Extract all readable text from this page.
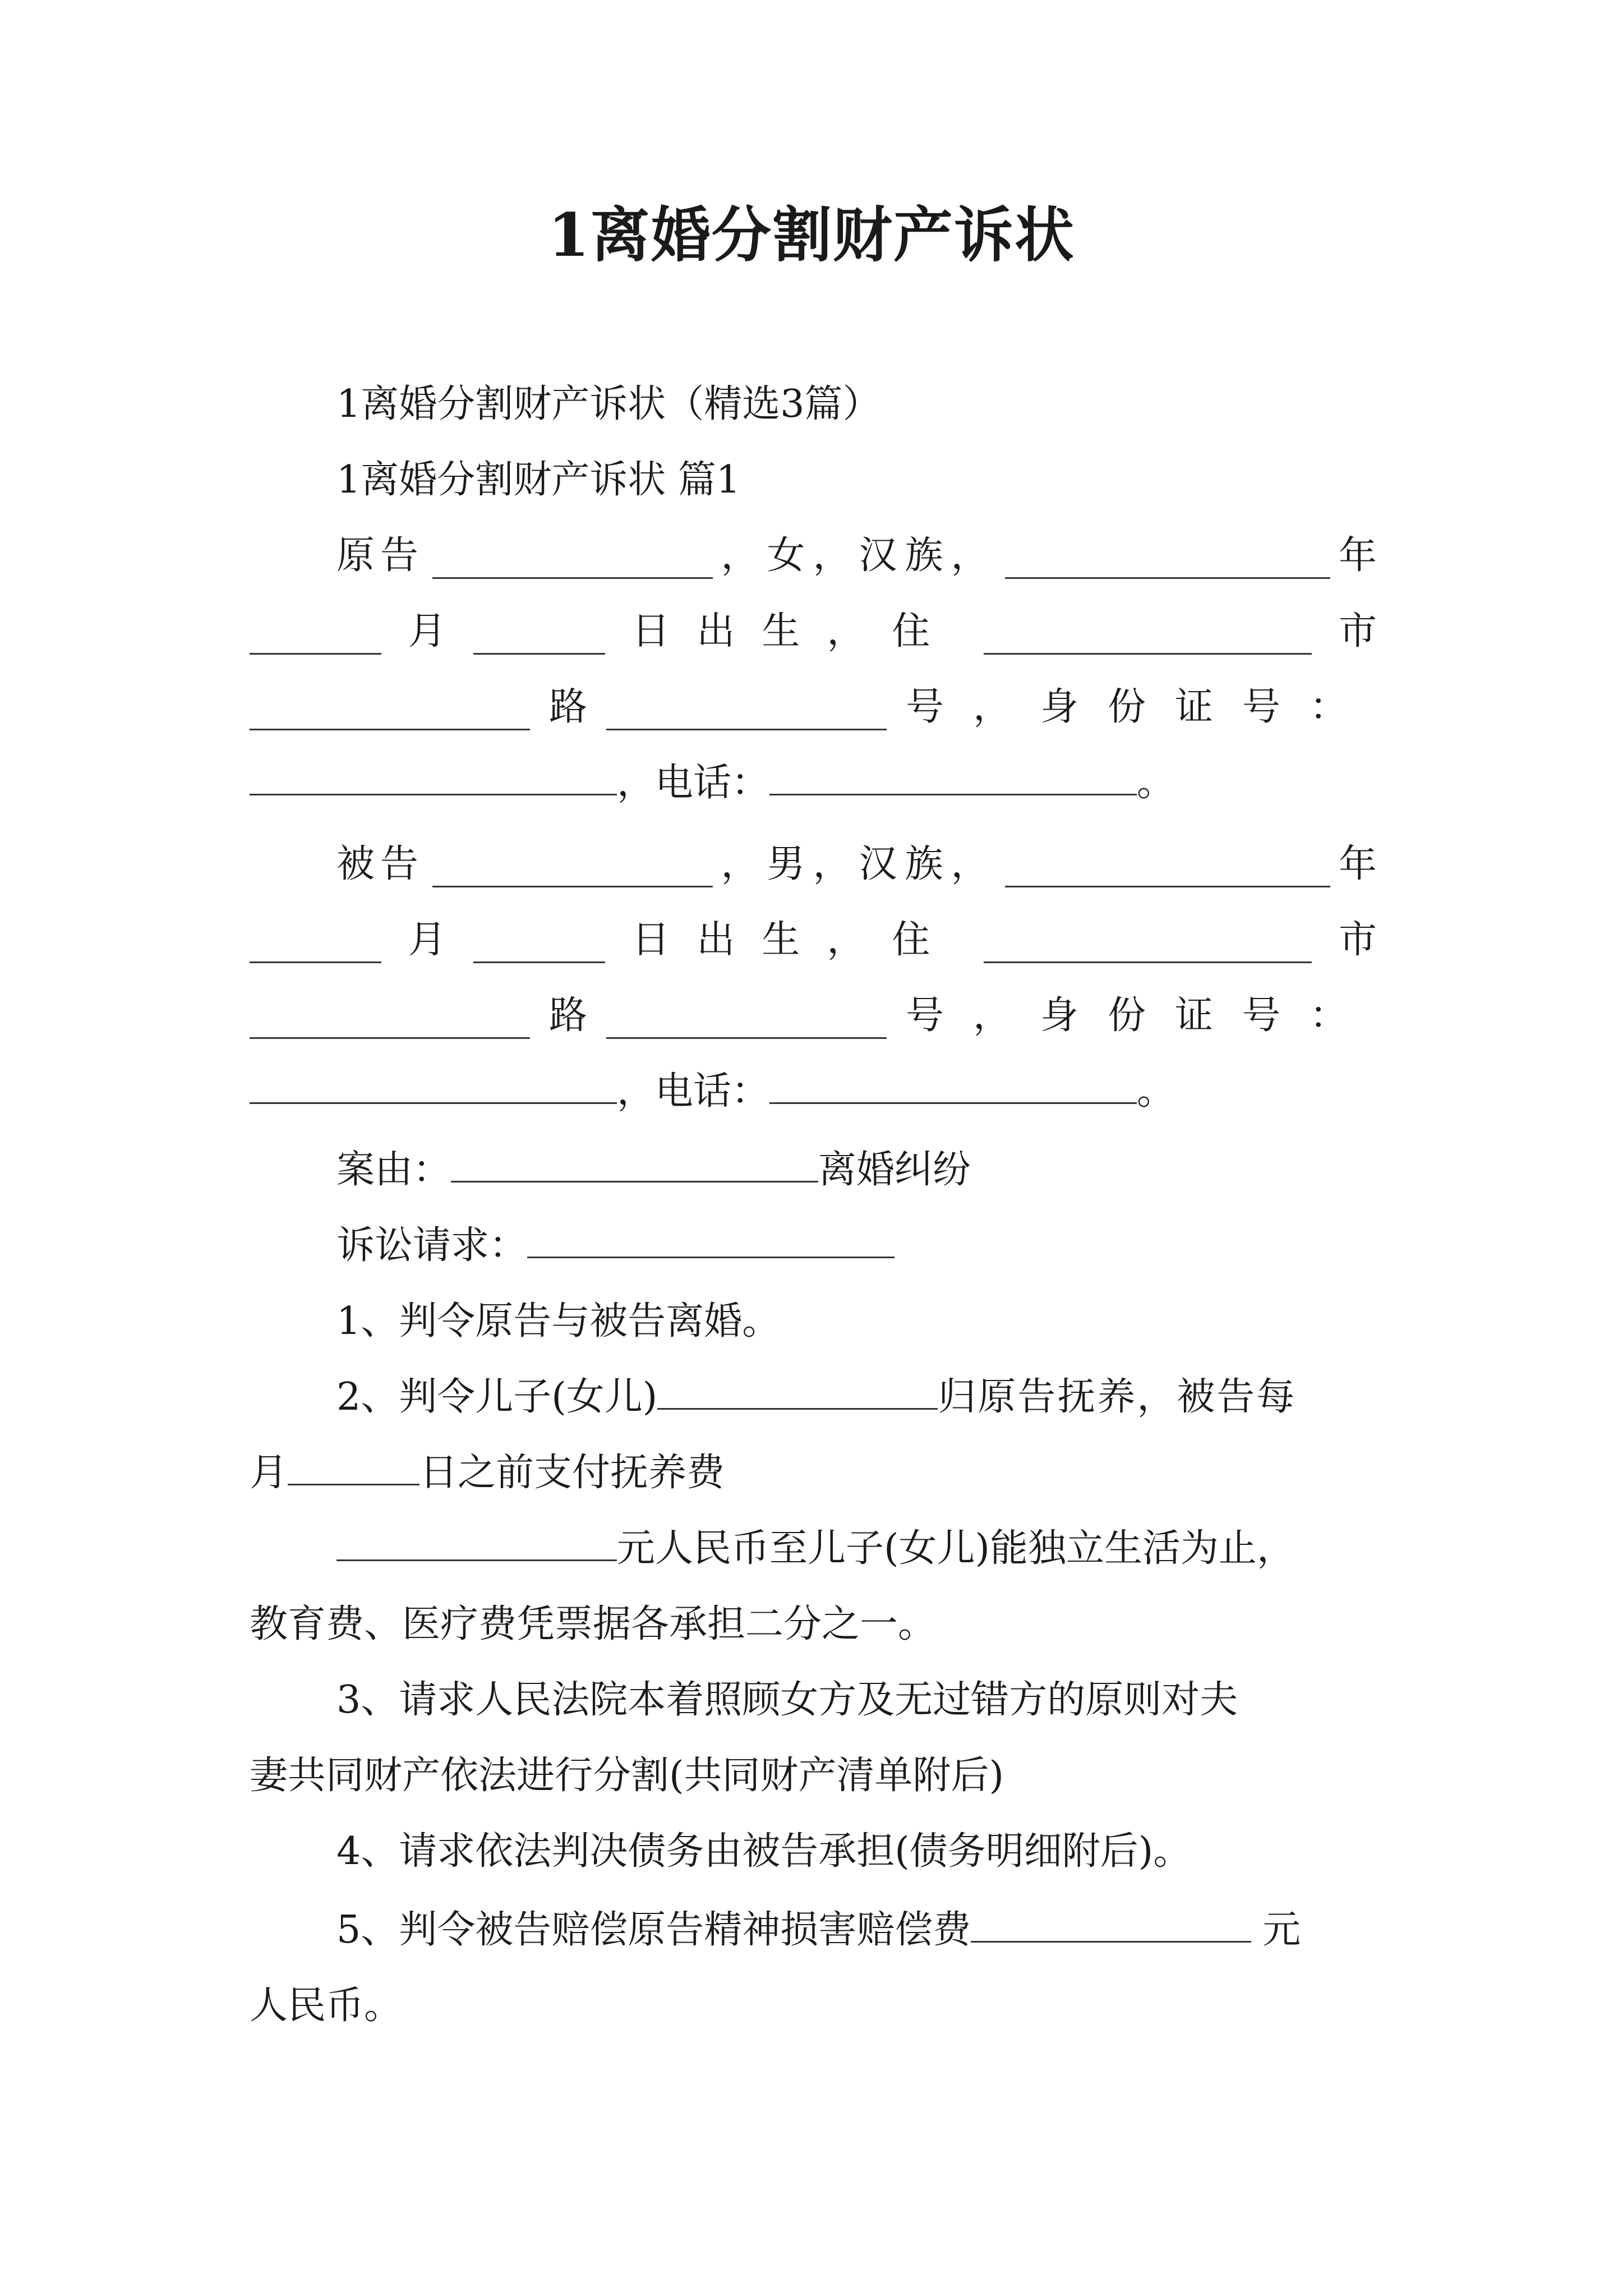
1离婚分割财产诉状
1离婚分割财产诉状（精选3篇）
1离婚分割财产诉状 篇1
原告	，女，汉族，	年
月	日出生，住	市
路	号，身份证号：
，电话：	。
被告	，男，汉族，	年
月	日出生，住	市
路	号，身份证号：
，电话：	。
案由：	离婚纠纷
诉讼请求：
1、判令原告与被告离婚。
2、判令儿子(女儿)	归原告抚养，被告每
月	日之前支付抚养费
元人民币至儿子(女儿)能独立生活为止，
教育费、医疗费凭票据各承担二分之一。
3、请求人民法院本着照顾女方及无过错方的原则对夫
妻共同财产依法进行分割(共同财产清单附后)
4、请求依法判决债务由被告承担(债务明细附后)。
5、判令被告赔偿原告精神损害赔偿费	元
人民币。
